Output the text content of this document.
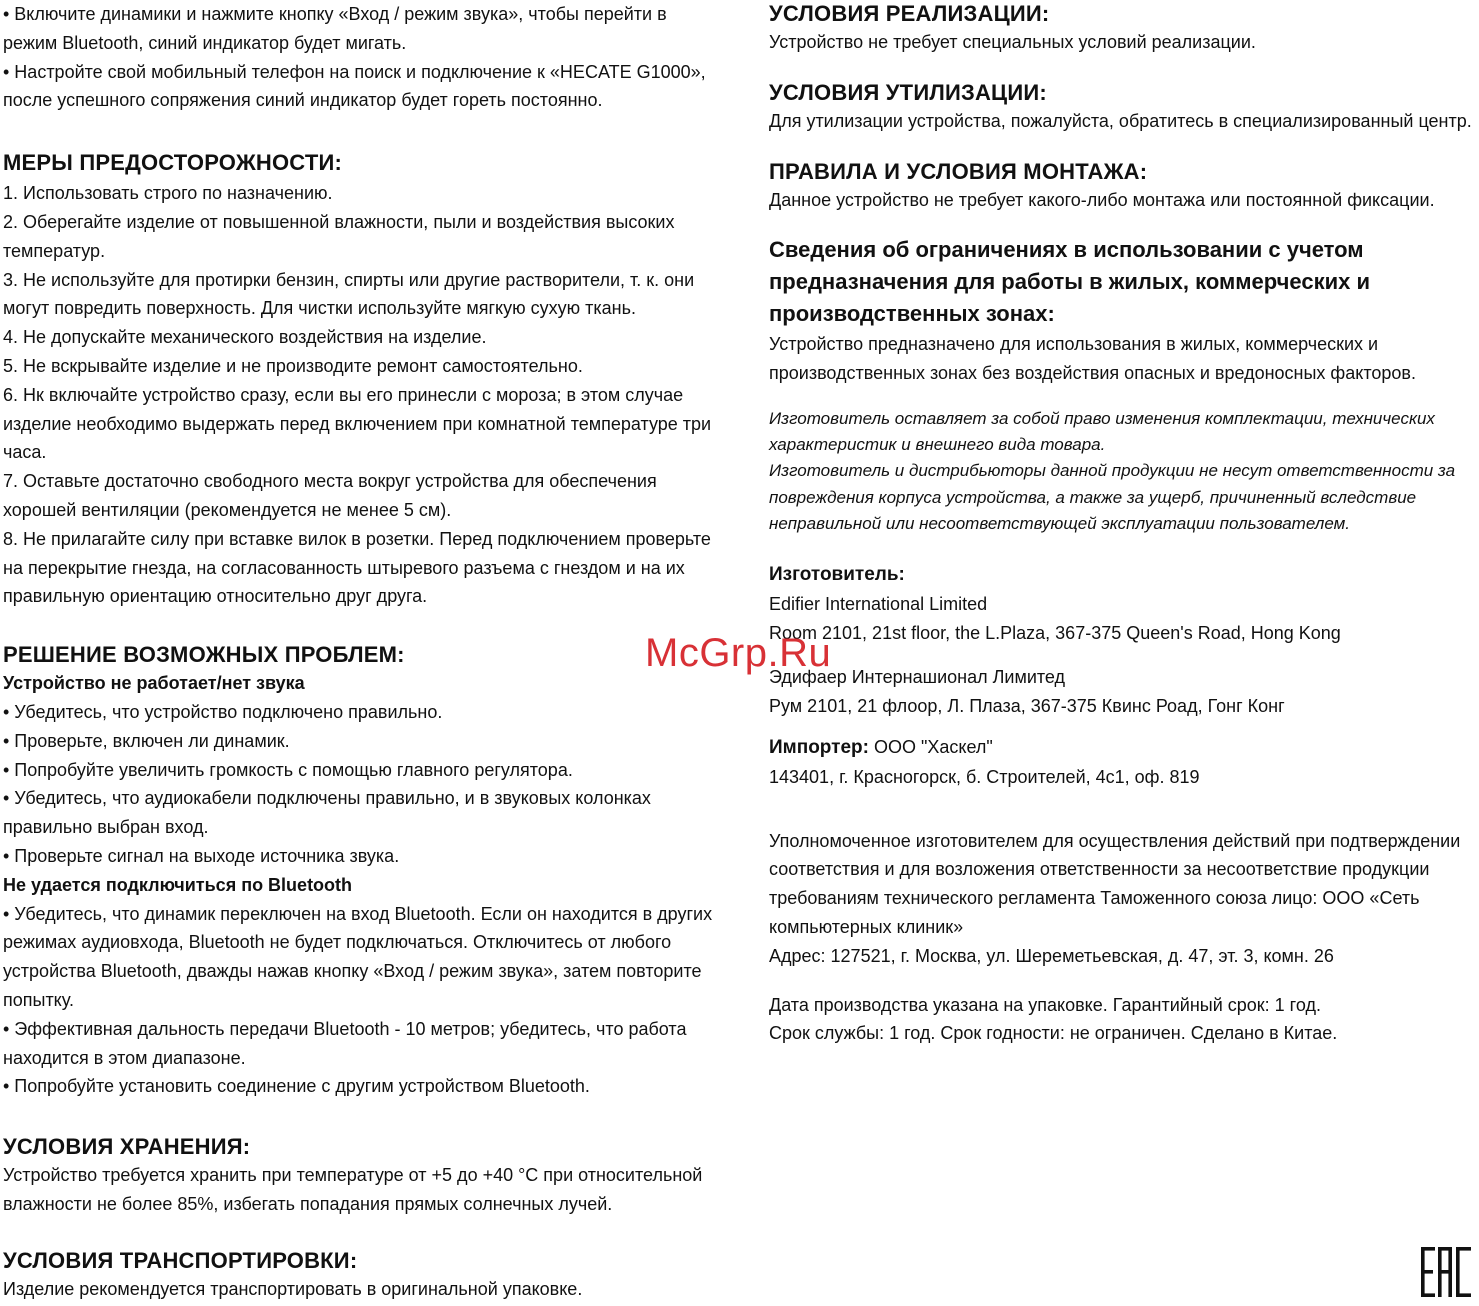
• Включите динамики и нажмите кнопку «Вход / режим звука», чтобы перейти в режим Bluetooth, синий индикатор будет мигать.

• Настройте свой мобильный телефон на поиск и подключение к «HECATE G1000», после успешного сопряжения синий индикатор будет гореть постоянно.

МЕРЫ ПРЕДОСТОРОЖНОСТИ:

1. Использовать строго по назначению.

2. Оберегайте изделие от повышенной влажности, пыли и воздействия высоких температур.

3. Не используйте для протирки бензин, спирты или другие растворители, т. к. они могут повредить поверхность. Для чистки используйте мягкую сухую ткань.

4. Не допускайте механического воздействия на изделие.

5. Не вскрывайте изделие и не производите ремонт самостоятельно.

6. Нк включайте устройство сразу, если вы его принесли с мороза; в этом случае изделие необходимо выдержать перед включением при комнатной температуре три часа.

7. Оставьте достаточно свободного места вокруг устройства для обеспечения хорошей вентиляции (рекомендуется не менее 5 см).

8. Не прилагайте силу при вставке вилок в розетки. Перед подключением проверьте на перекрытие гнезда, на согласованность штыревого разъема с гнездом и на их правильную ориентацию относительно друг друга.

РЕШЕНИЕ ВОЗМОЖНЫХ ПРОБЛЕМ:

Устройство не работает/нет звука

• Убедитесь, что устройство подключено правильно.

• Проверьте, включен ли динамик.

• Попробуйте увеличить громкость с помощью главного регулятора.

• Убедитесь, что аудиокабели подключены правильно, и в звуковых колонках правильно выбран вход.

• Проверьте сигнал на выходе источника звука.

Не удается подключиться по Bluetooth

• Убедитесь, что динамик переключен на вход Bluetooth. Если он находится в других режимах аудиовхода, Bluetooth не будет подключаться. Отключитесь от любого устройства Bluetooth, дважды нажав кнопку «Вход / режим звука», затем повторите попытку.

• Эффективная дальность передачи Bluetooth - 10 метров; убедитесь, что работа находится в этом диапазоне.

• Попробуйте установить соединение с другим устройством Bluetooth.

УСЛОВИЯ ХРАНЕНИЯ:

Устройство требуется хранить при температуре от +5 до +40 °С при относительной влажности не более 85%, избегать попадания прямых солнечных лучей.

УСЛОВИЯ ТРАНСПОРТИРОВКИ:

Изделие рекомендуется транспортировать в оригинальной упаковке.

УСЛОВИЯ РЕАЛИЗАЦИИ:

Устройство не требует специальных условий реализации.

УСЛОВИЯ УТИЛИЗАЦИИ:

Для утилизации устройства, пожалуйста, обратитесь в специализированный центр.

ПРАВИЛА И УСЛОВИЯ МОНТАЖА:

Данное устройство не требует какого-либо монтажа или постоянной фиксации.

Сведения об ограничениях в использовании с учетом предназначения для работы в жилых, коммерческих и производственных зонах:

Устройство предназначено для использования в жилых, коммерческих и производственных зонах без воздействия опасных и вредоносных факторов.

Изготовитель оставляет за собой право изменения комплектации, технических характеристик и внешнего вида товара.

Изготовитель и дистрибьюторы данной продукции не несут ответственности за повреждения корпуса устройства, а также за ущерб, причиненный вследствие неправильной или несоответствующей эксплуатации пользователем.

Изготовитель:

Edifier International Limited

Room 2101, 21st floor, the L.Plaza, 367-375 Queen's Road, Hong Kong

Эдифаер Интернашионал Лимитед

Рум 2101, 21 флоор, Л. Плаза, 367-375 Квинс Роад, Гонг Конг

Импортер: ООО "Хаскел"

143401, г. Красногорск, б. Строителей, 4с1, оф. 819

Уполномоченное изготовителем для осуществления действий при подтверждении соответствия и для возложения ответственности за несоответствие продукции требованиям технического регламента Таможенного союза лицо: ООО «Сеть компьютерных клиник»

Адрес: 127521, г. Москва, ул. Шереметьевская, д. 47, эт. 3, комн. 26

Дата производства указана на упаковке. Гарантийный срок: 1 год.

Срок службы: 1 год. Срок годности: не ограничен. Сделано в Китае.

McGrp.Ru
